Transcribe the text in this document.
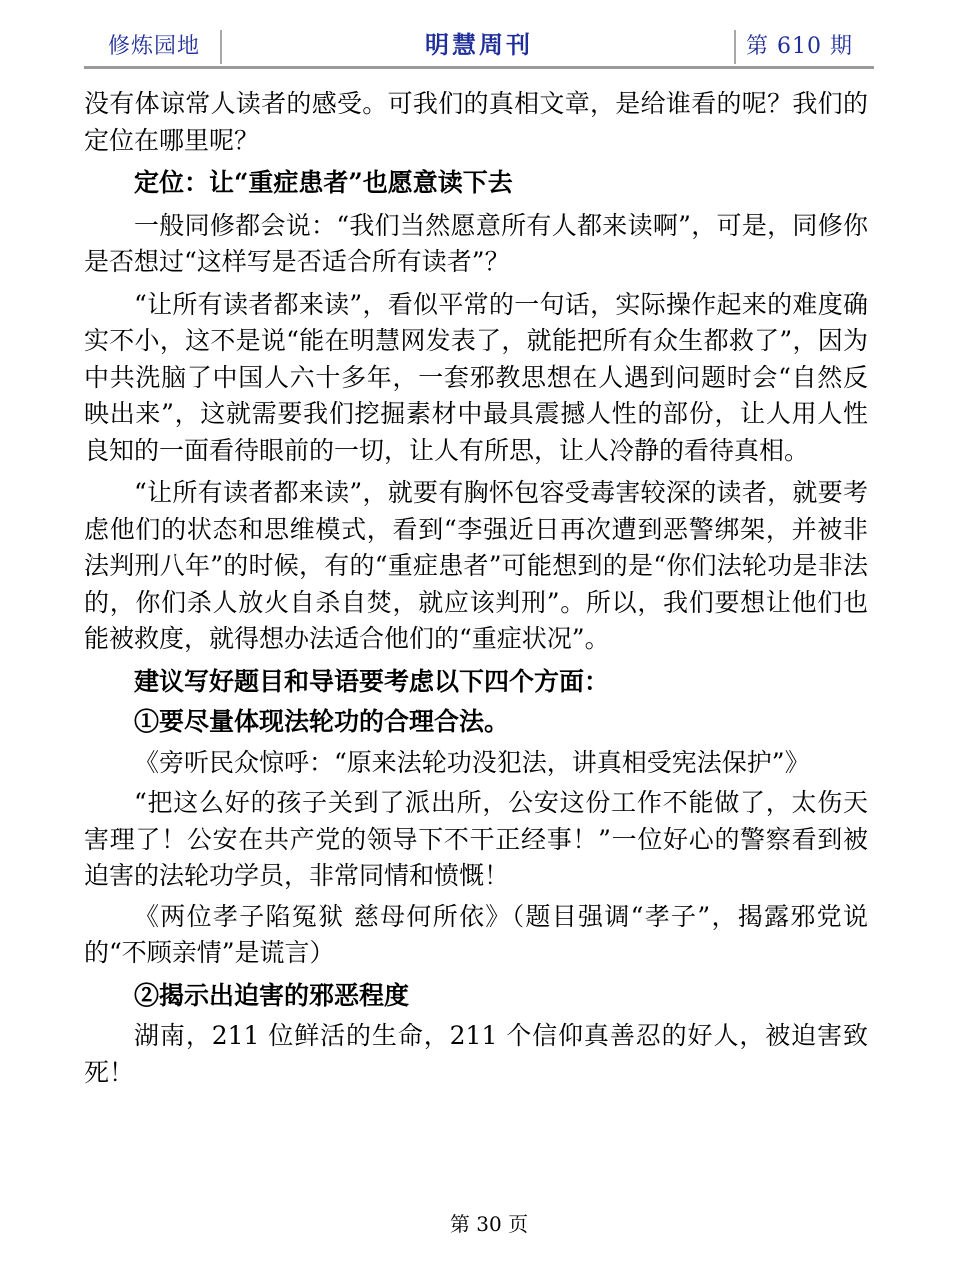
修炼园地	明慧周刊	第 610 期

没有体谅常人读者的感受。可我们的真相文章，是给谁看的呢？我们的定位在哪里呢？

定位：让“重症患者”也愿意读下去

一般同修都会说：“我们当然愿意所有人都来读啊”，可是，同修你是否想过“这样写是否适合所有读者”？

“让所有读者都来读”，看似平常的一句话，实际操作起来的难度确实不小，这不是说“能在明慧网发表了，就能把所有众生都救了”，因为中共洗脑了中国人六十多年，一套邪教思想在人遇到问题时会“自然反映出来”，这就需要我们挖掘素材中最具震撼人性的部份，让人用人性良知的一面看待眼前的一切，让人有所思，让人冷静的看待真相。

“让所有读者都来读”，就要有胸怀包容受毒害较深的读者，就要考虑他们的状态和思维模式，看到“李强近日再次遭到恶警绑架，并被非法判刑八年”的时候，有的“重症患者”可能想到的是“你们法轮功是非法的，你们杀人放火自杀自焚，就应该判刑”。所以，我们要想让他们也能被救度，就得想办法适合他们的“重症状况”。

建议写好题目和导语要考虑以下四个方面：

①要尽量体现法轮功的合理合法。

《旁听民众惊呼：“原来法轮功没犯法，讲真相受宪法保护”》

“把这么好的孩子关到了派出所，公安这份工作不能做了，太伤天害理了！公安在共产党的领导下不干正经事！”一位好心的警察看到被迫害的法轮功学员，非常同情和愤慨！

《两位孝子陷冤狱 慈母何所依》（题目强调“孝子”，揭露邪党说的“不顾亲情”是谎言）

②揭示出迫害的邪恶程度

湖南，211 位鲜活的生命，211 个信仰真善忍的好人，被迫害致死！

第 30 页
